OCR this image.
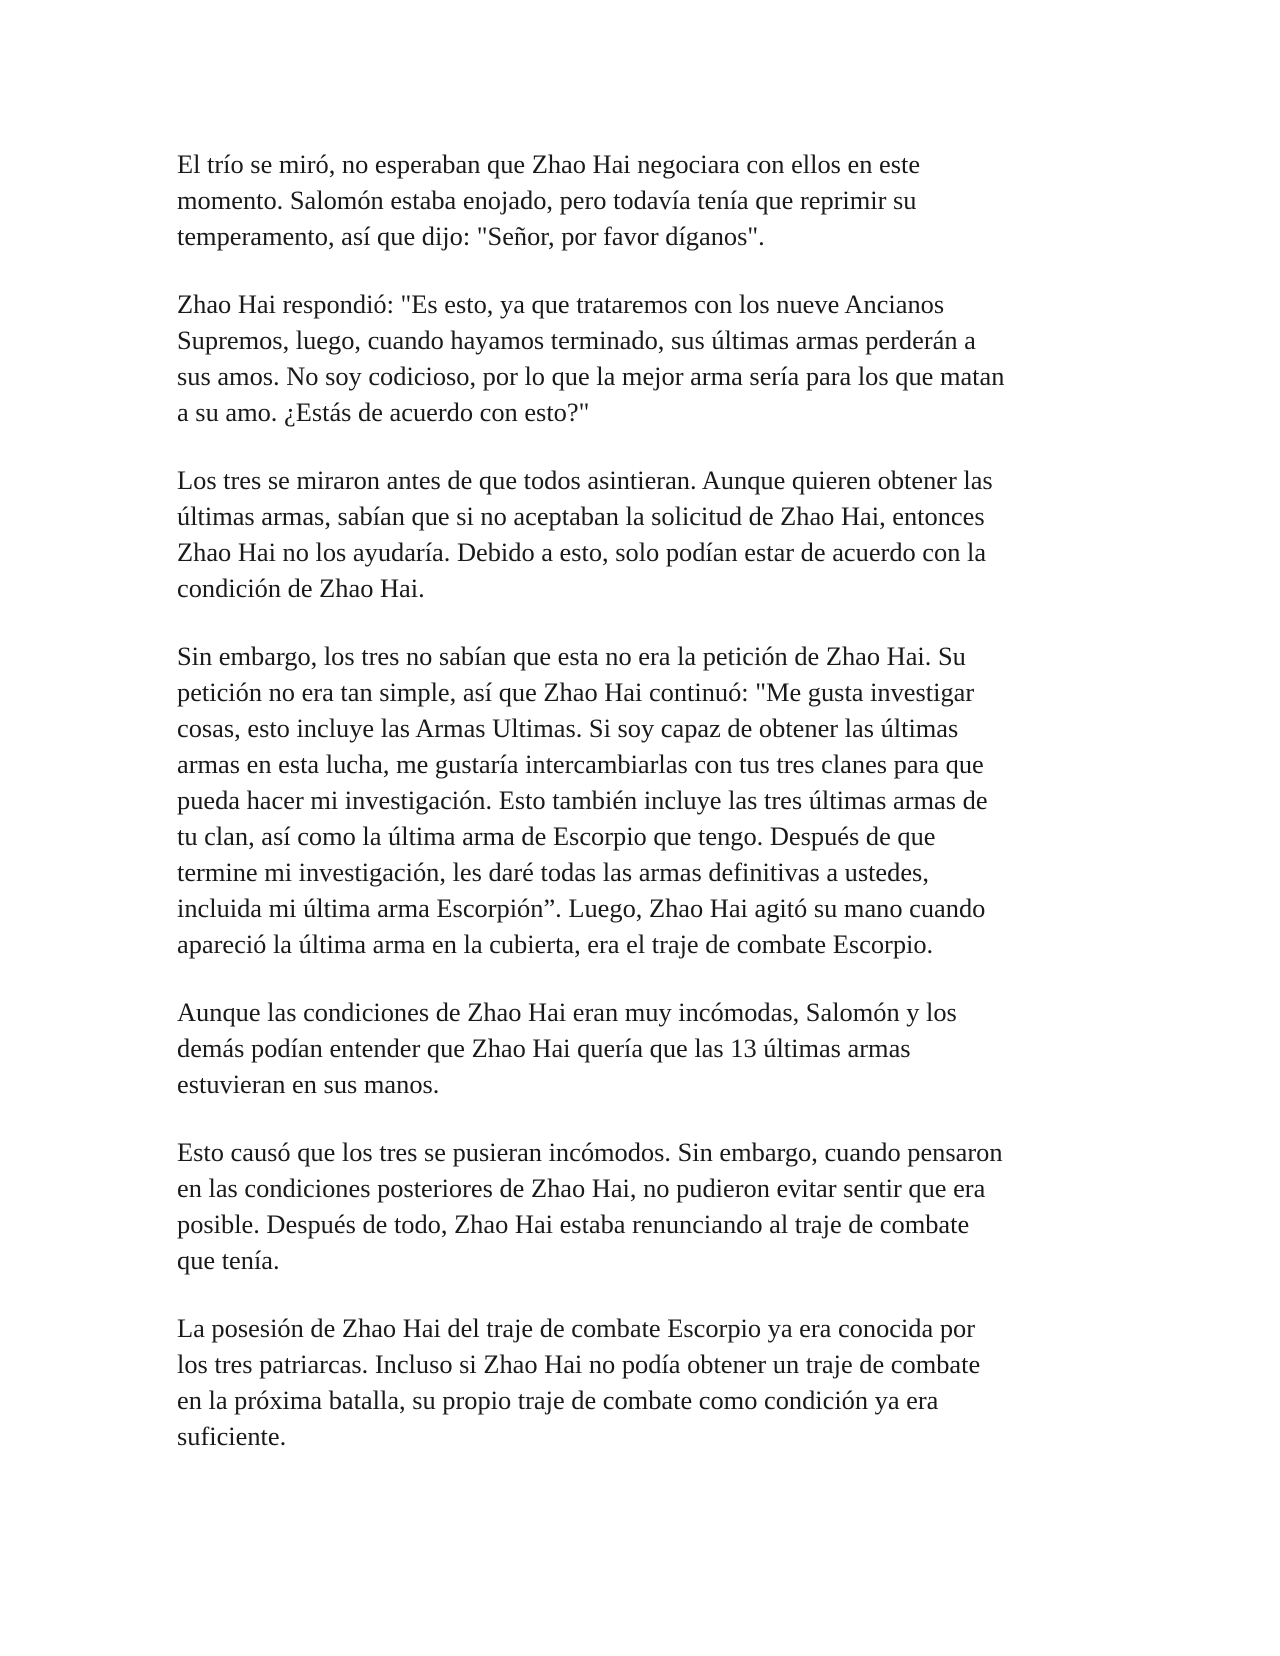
El trío se miró, no esperaban que Zhao Hai negociara con ellos en este
momento. Salomón estaba enojado, pero todavía tenía que reprimir su
temperamento, así que dijo: "Señor, por favor díganos".

Zhao Hai respondió: "Es esto, ya que trataremos con los nueve Ancianos
Supremos, luego, cuando hayamos terminado, sus últimas armas perderán a
sus amos. No soy codicioso, por lo que la mejor arma sería para los que matan
a su amo. ¿Estás de acuerdo con esto?"

Los tres se miraron antes de que todos asintieran. Aunque quieren obtener las
últimas armas, sabían que si no aceptaban la solicitud de Zhao Hai, entonces
Zhao Hai no los ayudaría. Debido a esto, solo podían estar de acuerdo con la
condición de Zhao Hai.

Sin embargo, los tres no sabían que esta no era la petición de Zhao Hai. Su
petición no era tan simple, así que Zhao Hai continuó: "Me gusta investigar
cosas, esto incluye las Armas Ultimas. Si soy capaz de obtener las últimas
armas en esta lucha, me gustaría intercambiarlas con tus tres clanes para que
pueda hacer mi investigación. Esto también incluye las tres últimas armas de
tu clan, así como la última arma de Escorpio que tengo. Después de que
termine mi investigación, les daré todas las armas definitivas a ustedes,
incluida mi última arma Escorpión”. Luego, Zhao Hai agitó su mano cuando
apareció la última arma en la cubierta, era el traje de combate Escorpio.

Aunque las condiciones de Zhao Hai eran muy incómodas, Salomón y los
demás podían entender que Zhao Hai quería que las 13 últimas armas
estuvieran en sus manos.

Esto causó que los tres se pusieran incómodos. Sin embargo, cuando pensaron
en las condiciones posteriores de Zhao Hai, no pudieron evitar sentir que era
posible. Después de todo, Zhao Hai estaba renunciando al traje de combate
que tenía.

La posesión de Zhao Hai del traje de combate Escorpio ya era conocida por
los tres patriarcas. Incluso si Zhao Hai no podía obtener un traje de combate
en la próxima batalla, su propio traje de combate como condición ya era
suficiente.
